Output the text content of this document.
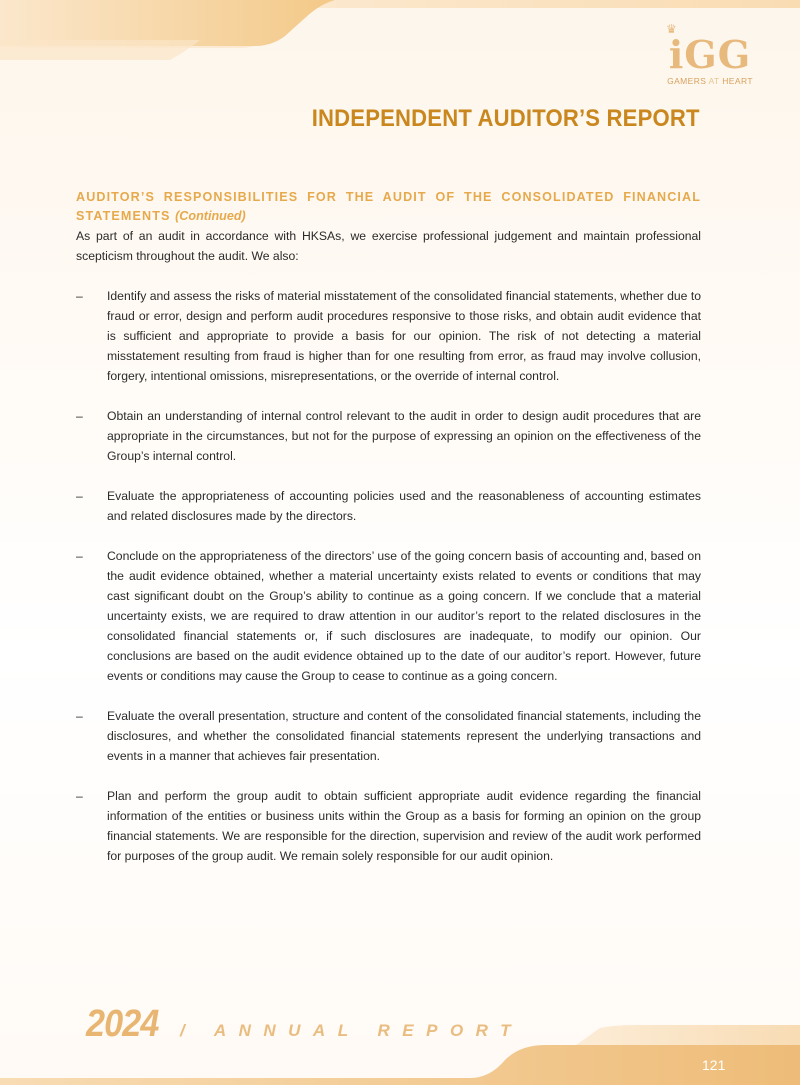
♛
iGG
GAMERS AT HEART
INDEPENDENT AUDITOR’S REPORT
AUDITOR’S RESPONSIBILITIES FOR THE AUDIT OF THE CONSOLIDATED FINANCIAL STATEMENTS (Continued)

As part of an audit in accordance with HKSAs, we exercise professional judgement and maintain professional scepticism throughout the audit. We also:

– Identify and assess the risks of material misstatement of the consolidated financial statements, whether due to fraud or error, design and perform audit procedures responsive to those risks, and obtain audit evidence that is sufficient and appropriate to provide a basis for our opinion. The risk of not detecting a material misstatement resulting from fraud is higher than for one resulting from error, as fraud may involve collusion, forgery, intentional omissions, misrepresentations, or the override of internal control.
– Obtain an understanding of internal control relevant to the audit in order to design audit procedures that are appropriate in the circumstances, but not for the purpose of expressing an opinion on the effectiveness of the Group’s internal control.
– Evaluate the appropriateness of accounting policies used and the reasonableness of accounting estimates and related disclosures made by the directors.
– Conclude on the appropriateness of the directors’ use of the going concern basis of accounting and, based on the audit evidence obtained, whether a material uncertainty exists related to events or conditions that may cast significant doubt on the Group’s ability to continue as a going concern. If we conclude that a material uncertainty exists, we are required to draw attention in our auditor’s report to the related disclosures in the consolidated financial statements or, if such disclosures are inadequate, to modify our opinion. Our conclusions are based on the audit evidence obtained up to the date of our auditor’s report. However, future events or conditions may cause the Group to cease to continue as a going concern.
– Evaluate the overall presentation, structure and content of the consolidated financial statements, including the disclosures, and whether the consolidated financial statements represent the underlying transactions and events in a manner that achieves fair presentation.
– Plan and perform the group audit to obtain sufficient appropriate audit evidence regarding the financial information of the entities or business units within the Group as a basis for forming an opinion on the group financial statements. We are responsible for the direction, supervision and review of the audit work performed for purposes of the group audit. We remain solely responsible for our audit opinion.
2024 / ANNUAL REPORT
121
